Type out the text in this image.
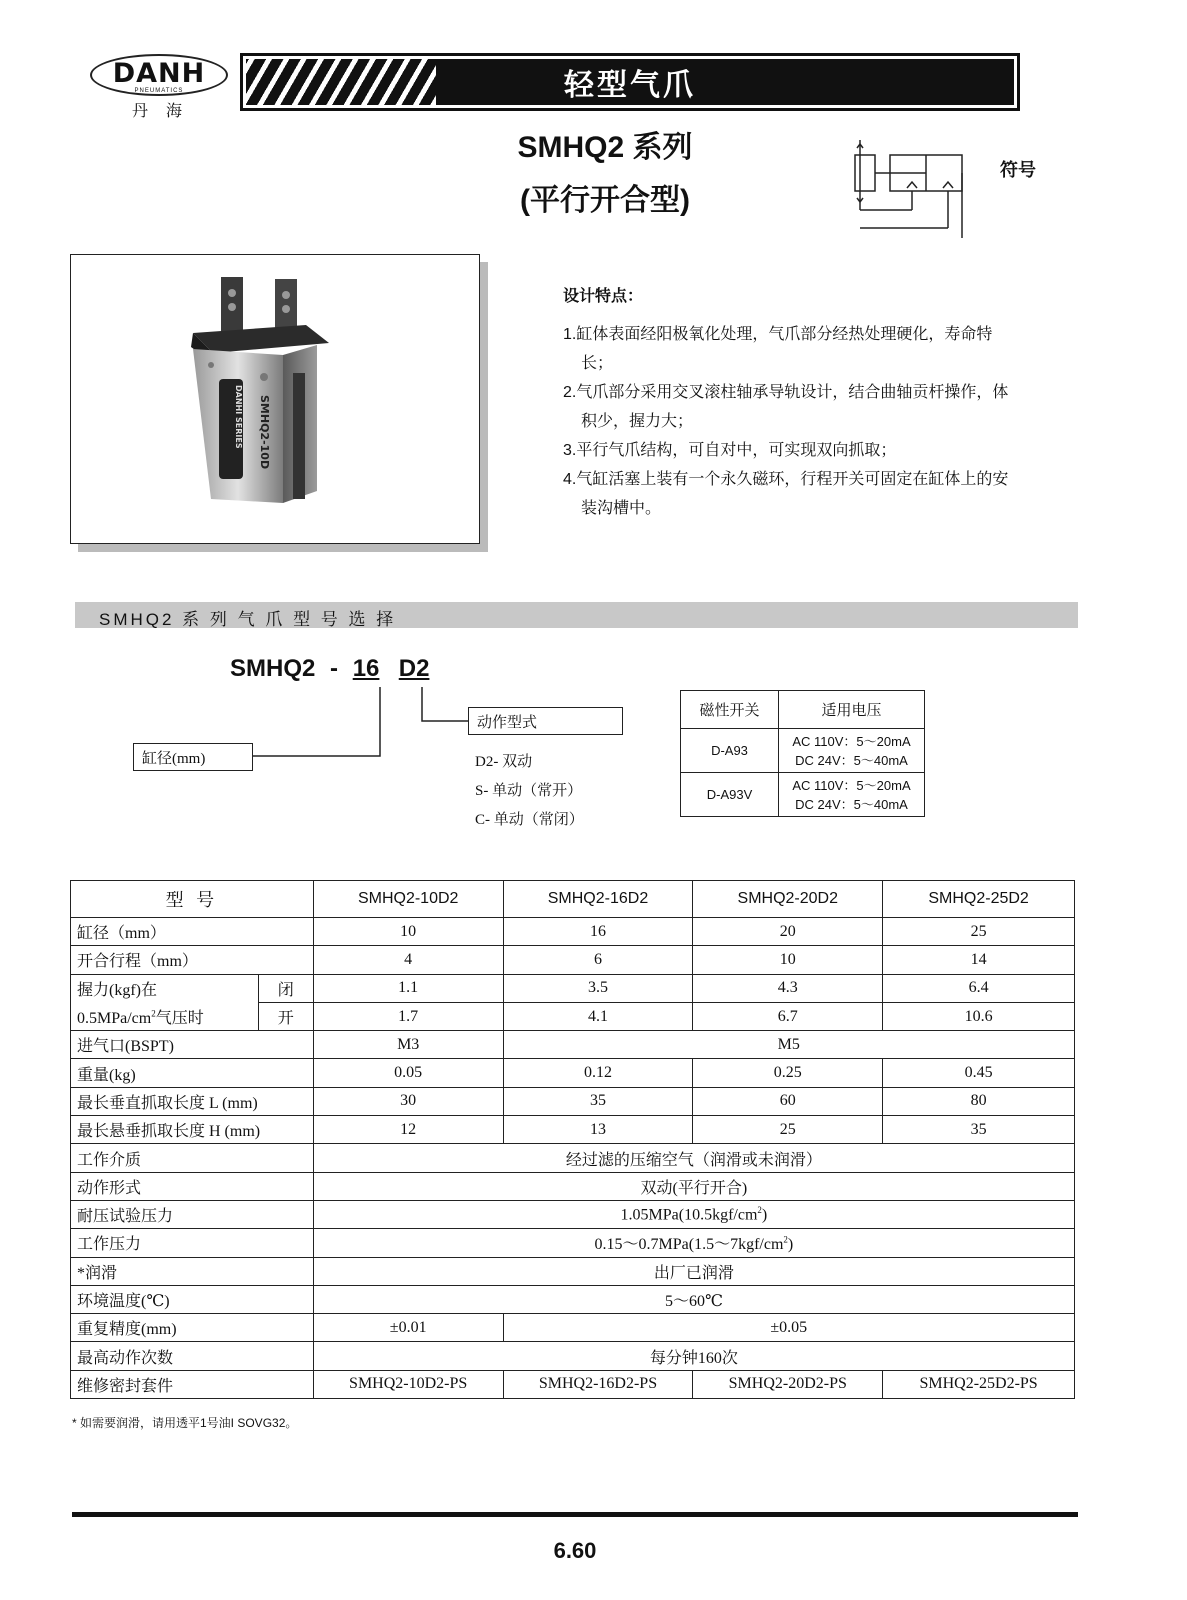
DANH
PNEUMATICS
丹海
轻型气爪
SMHQ2 系列
(平行开合型)
符号
DANHI SERIES SMHQ2-10D
设计特点：
1.缸体表面经阳极氧化处理，气爪部分经热处理硬化，寿命特长；
2.气爪部分采用交叉滚柱轴承导轨设计，结合曲轴贡杆操作，体积少，握力大；
3.平行气爪结构，可自对中，可实现双向抓取；
4.气缸活塞上装有一个永久磁环，行程开关可固定在缸体上的安装沟槽中。
SMHQ2 系 列 气 爪 型 号 选 择
SMHQ2 - 16 D2
缸径(mm)
动作型式
D2- 双动
S- 单动（常开）
C- 单动（常闭）
磁性开关	适用电压
D-A93	AC 110V：5～20mA
DC 24V：5～40mA

D-A93V	AC 110V：5～20mA
DC 24V：5～40mA
型 号		SMHQ2-10D2	SMHQ2-16D2	SMHQ2-20D2	SMHQ2-25D2
缸径（mm）		10	16	20	25
开合行程（mm）		4	6	10	14
握力(kgf)在	闭	1.1	3.5	4.3	6.4
$0.5MPa/cm^2$气压时	开	1.7	4.1	6.7	10.6
进气口(BSPT)		M3	M5		
重量(kg)		0.05	0.12	0.25	0.45
最长垂直抓取长度 L (mm)		30	35	60	80
最长悬垂抓取长度 H (mm)		12	13	25	35
工作介质		经过滤的压缩空气（润滑或未润滑）			
动作形式		双动(平行开合)			
耐压试验压力		$1.05MPa(10.5kgf/cm^2)$			
工作压力		$0.15\sim 0.7MPa(1.5\sim 7kgf/cm^2)$			
*润滑		出厂已润滑			
环境温度(℃)		5～60℃			
重复精度(mm)		±0.01	±0.05		
最高动作次数		每分钟160次			
维修密封套件		SMHQ2-10D2-PS	SMHQ2-16D2-PS	SMHQ2-20D2-PS	SMHQ2-25D2-PS
* 如需要润滑，请用透平1号油I SOVG32。
6.60
